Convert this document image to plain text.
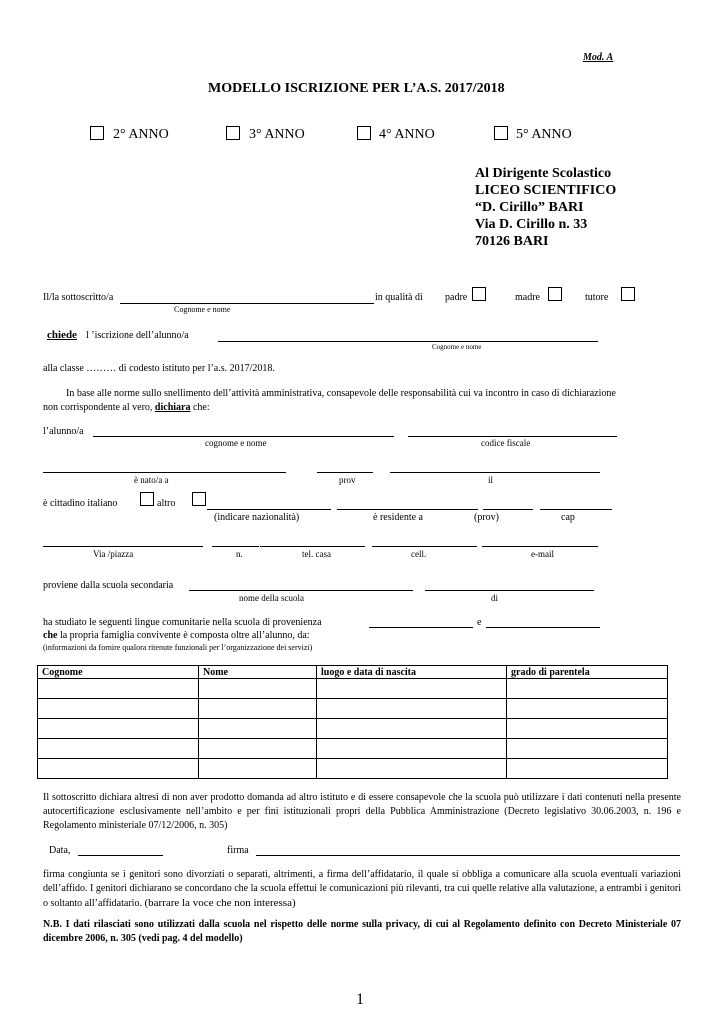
Mod. A
MODELLO ISCRIZIONE PER L’A.S. 2017/2018
2° ANNO	3° ANNO	4° ANNO	5° ANNO
Al Dirigente Scolastico
LICEO SCIENTIFICO
“D. Cirillo” BARI
Via D. Cirillo n. 33
70126 BARI
Il/la sottoscritto/a
Cognome e nome
in qualità di padre	madre	tutore
chiede l ’iscrizione dell’alunno/a
Cognome e nome
alla classe ……… di codesto istituto per l’a.s. 2017/2018.
In base alle norme sullo snellimento dell’attività amministrativa, consapevole delle responsabilità cui va incontro in caso di dichiarazione
non corrispondente al vero, dichiara che:
l’alunno/a
cognome e nome	codice fiscale
è nato/a a	prov	il
è cittadino italiano	altro
(indicare nazionalità)	è residente a	(prov)	cap
Via /piazza	n.	tel. casa	cell.	e-mail
proviene dalla scuola secondaria
nome della scuola	di
ha studiato le seguenti lingue comunitarie nella scuola di provenienza	e
che la propria famiglia convivente è composta oltre all’alunno, da:
(informazioni da fornire qualora ritenute funzionali per l’organizzazione dei servizi)
Cognome	Nome	luogo e data di nascita	grado di parentela

Il sottoscritto dichiara altresì di non aver prodotto domanda ad altro istituto e di essere consapevole che la scuola può utilizzare i dati contenuti nella presente autocertificazione esclusivamente nell’ambito e per fini istituzionali propri della Pubblica Amministrazione (Decreto legislativo 30.06.2003, n. 196 e Regolamento ministeriale 07/12/2006, n. 305)
Data,	firma
firma congiunta se i genitori sono divorziati o separati, altrimenti, a firma dell’affidatario, il quale si obbliga a comunicare alla scuola eventuali variazioni dell’affido. I genitori dichiarano se concordano che la scuola effettui le comunicazioni più rilevanti, tra cui quelle relative alla valutazione, a entrambi i genitori o soltanto all’affidatario. (barrare la voce che non interessa)
N.B. I dati rilasciati sono utilizzati dalla scuola nel rispetto delle norme sulla privacy, di cui al Regolamento definito con Decreto Ministeriale 07 dicembre 2006, n. 305 (vedi pag. 4 del modello)
1
